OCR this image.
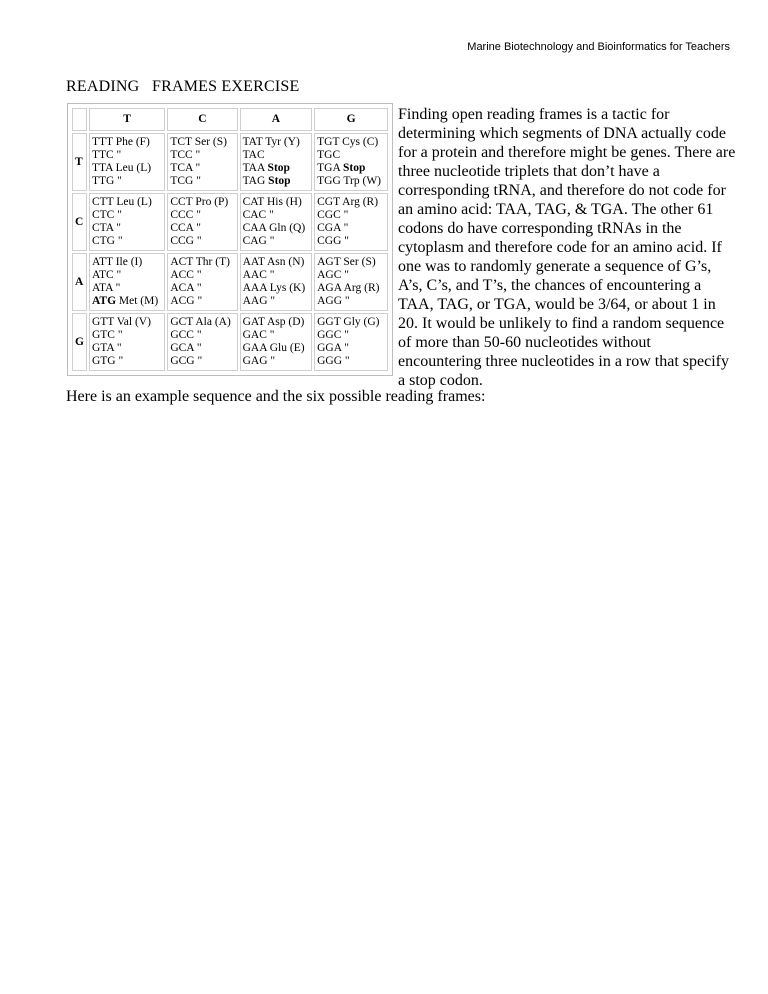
Marine Biotechnology and Bioinformatics for Teachers
READING   FRAMES EXERCISE
	T	C	A	G
T	TTT Phe (F)
TTC "
TTA Leu (L)
TTG "	TCT Ser (S)
TCC "
TCA "
TCG "	TAT Tyr (Y)
TAC
TAA Stop
TAG Stop	TGT Cys (C)
TGC
TGA Stop
TGG Trp (W)

C	CTT Leu (L)
CTC "
CTA "
CTG "	CCT Pro (P)
CCC "
CCA "
CCG "	CAT His (H)
CAC "
CAA Gln (Q)
CAG "	CGT Arg (R)
CGC "
CGA "
CGG "

A	ATT Ile (I)
ATC "
ATA "
ATG Met (M)	ACT Thr (T)
ACC "
ACA "
ACG "	AAT Asn (N)
AAC "
AAA Lys (K)
AAG "	AGT Ser (S)
AGC "
AGA Arg (R)
AGG "

G	GTT Val (V)
GTC "
GTA "
GTG "	GCT Ala (A)
GCC "
GCA "
GCG "	GAT Asp (D)
GAC "
GAA Glu (E)
GAG "	GGT Gly (G)
GGC "
GGA "
GGG "
Finding open reading frames is a tactic for determining which segments of DNA actually code for a protein and therefore might be genes. There are three nucleotide triplets that don’t have a corresponding tRNA, and therefore do not code for an amino acid: TAA, TAG, & TGA. The other 61 codons do have corresponding tRNAs in the cytoplasm and therefore code for an amino acid. If one was to randomly generate a sequence of G’s, A’s, C’s, and T’s, the chances of encountering a TAA, TAG, or TGA, would be 3/64, or about 1 in 20. It would be unlikely to find a random sequence of more than 50-60 nucleotides without encountering three nucleotides in a row that specify a stop codon.
Here is an example sequence and the six possible reading frames:
